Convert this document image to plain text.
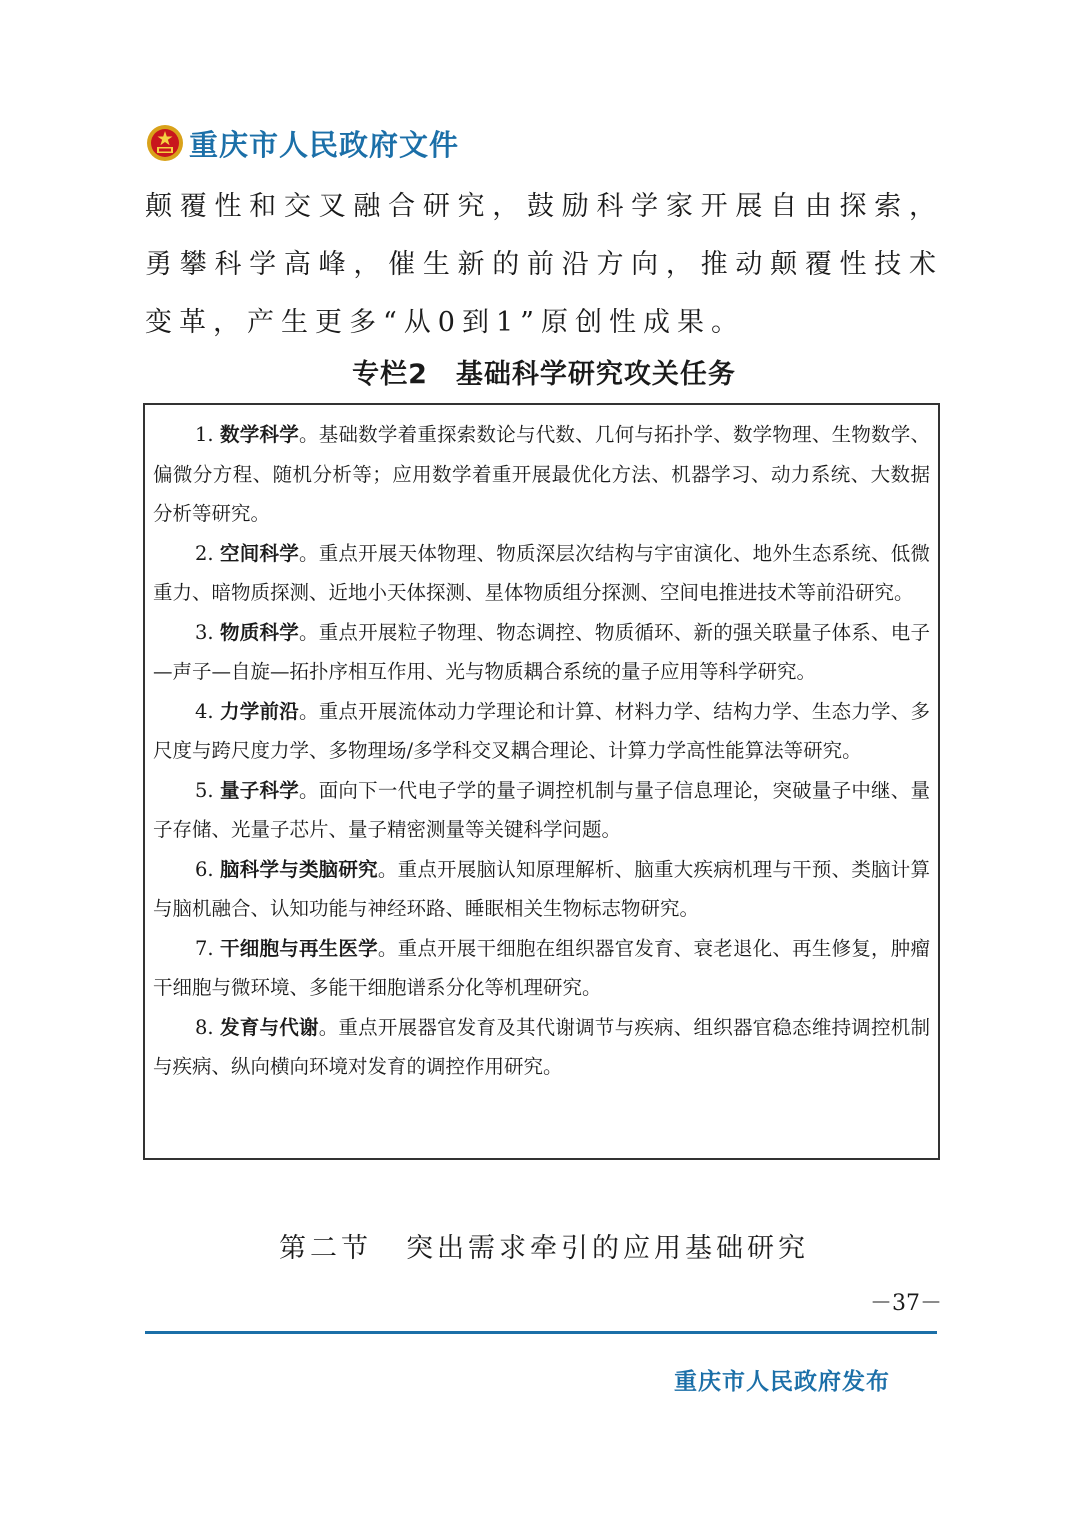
重庆市人民政府文件

颠覆性和交叉融合研究，鼓励科学家开展自由探索，勇攀科学高峰，催生新的前沿方向，推动颠覆性技术变革，产生更多“从0到1”原创性成果。

专栏2　基础科学研究攻关任务

1. 数学科学。基础数学着重探索数论与代数、几何与拓扑学、数学物理、生物数学、偏微分方程、随机分析等；应用数学着重开展最优化方法、机器学习、动力系统、大数据分析等研究。

2. 空间科学。重点开展天体物理、物质深层次结构与宇宙演化、地外生态系统、低微重力、暗物质探测、近地小天体探测、星体物质组分探测、空间电推进技术等前沿研究。

3. 物质科学。重点开展粒子物理、物态调控、物质循环、新的强关联量子体系、电子—声子—自旋—拓扑序相互作用、光与物质耦合系统的量子应用等科学研究。

4. 力学前沿。重点开展流体动力学理论和计算、材料力学、结构力学、生态力学、多尺度与跨尺度力学、多物理场/多学科交叉耦合理论、计算力学高性能算法等研究。

5. 量子科学。面向下一代电子学的量子调控机制与量子信息理论，突破量子中继、量子存储、光量子芯片、量子精密测量等关键科学问题。

6. 脑科学与类脑研究。重点开展脑认知原理解析、脑重大疾病机理与干预、类脑计算与脑机融合、认知功能与神经环路、睡眠相关生物标志物研究。

7. 干细胞与再生医学。重点开展干细胞在组织器官发育、衰老退化、再生修复，肿瘤干细胞与微环境、多能干细胞谱系分化等机理研究。

8. 发育与代谢。重点开展器官发育及其代谢调节与疾病、组织器官稳态维持调控机制与疾病、纵向横向环境对发育的调控作用研究。

第二节 突出需求牵引的应用基础研究
－37－
重庆市人民政府发布
